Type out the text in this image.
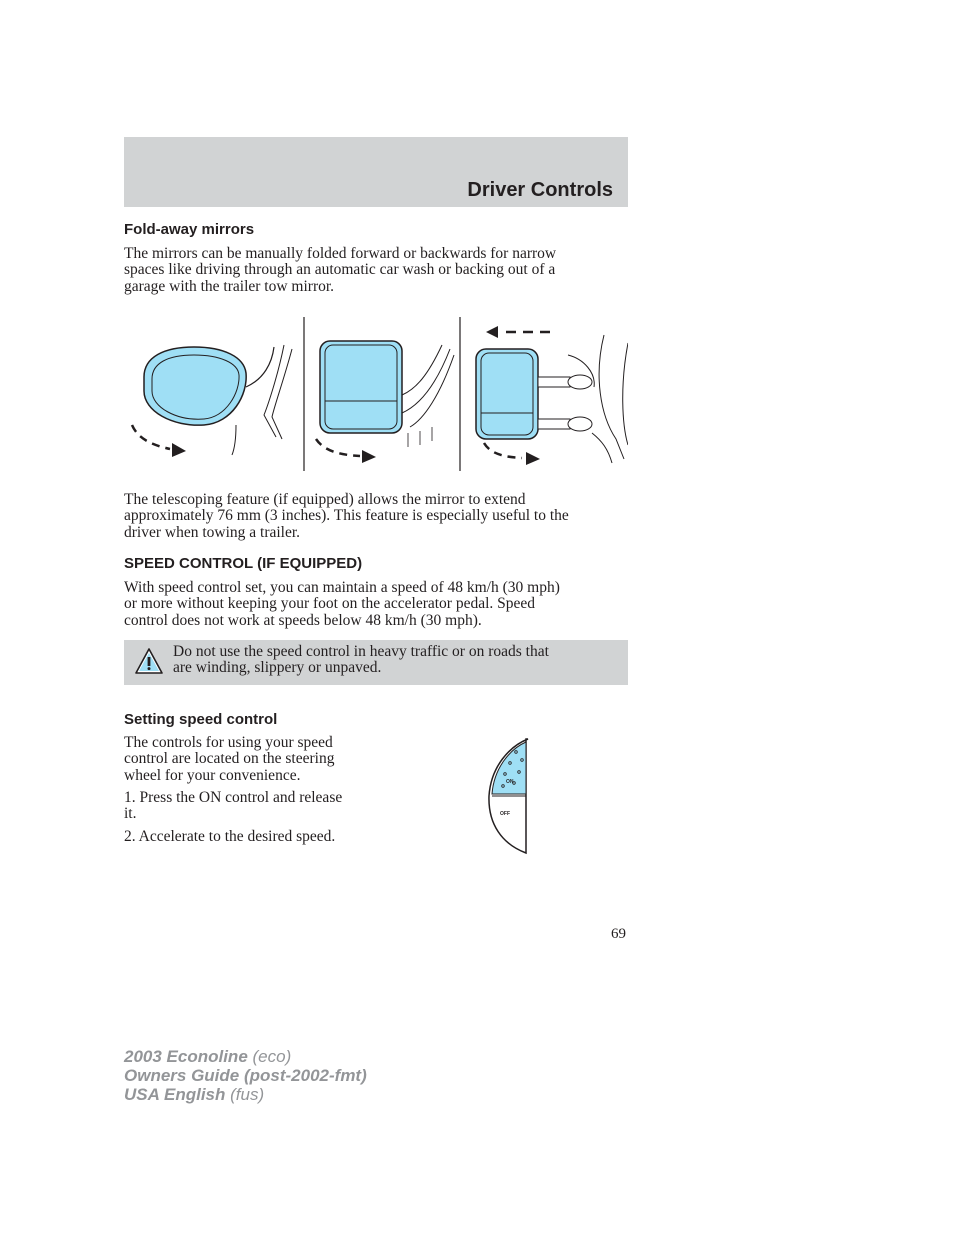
Driver Controls
Fold-away mirrors
The mirrors can be manually folded forward or backwards for narrow
spaces like driving through an automatic car wash or backing out of a
garage with the trailer tow mirror.
The telescoping feature (if equipped) allows the mirror to extend
approximately 76 mm (3 inches). This feature is especially useful to the
driver when towing a trailer.
SPEED CONTROL (IF EQUIPPED)
With speed control set, you can maintain a speed of 48 km/h (30 mph)
or more without keeping your foot on the accelerator pedal. Speed
control does not work at speeds below 48 km/h (30 mph).
Do not use the speed control in heavy traffic or on roads that
are winding, slippery or unpaved.
Setting speed control
The controls for using your speed
control are located on the steering
wheel for your convenience.
1. Press the ON control and release
it.
2. Accelerate to the desired speed.
ON
OFF
69
2003 Econoline (eco)
Owners Guide (post-2002-fmt)
USA English (fus)
